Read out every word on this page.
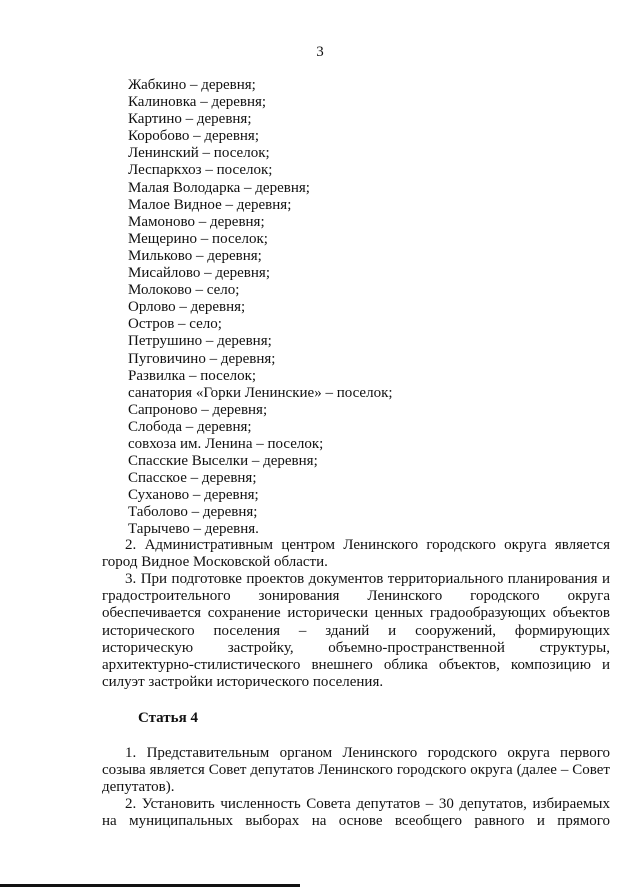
3
Жабкино – деревня;
Калиновка – деревня;
Картино – деревня;
Коробово – деревня;
Ленинский – поселок;
Леспаркхоз – поселок;
Малая Володарка – деревня;
Малое Видное – деревня;
Мамоново – деревня;
Мещерино – поселок;
Мильково – деревня;
Мисайлово – деревня;
Молоково – село;
Орлово – деревня;
Остров – село;
Петрушино – деревня;
Пуговичино – деревня;
Развилка – поселок;
санатория «Горки Ленинские» – поселок;
Сапроново – деревня;
Слобода – деревня;
совхоза им. Ленина – поселок;
Спасские Выселки – деревня;
Спасское – деревня;
Суханово – деревня;
Таболово – деревня;
Тарычево – деревня.

2. Административным центром Ленинского городского округа является город Видное Московской области.

3. При подготовке проектов документов территориального планирования и градостроительного зонирования Ленинского городского округа обеспечивается сохранение исторически ценных градообразующих объектов исторического поселения – зданий и сооружений, формирующих историческую застройку, объемно-пространственной структуры, архитектурно-стилистического внешнего облика объектов, композицию и силуэт застройки исторического поселения.

Статья 4

1. Представительным органом Ленинского городского округа первого созыва является Совет депутатов Ленинского городского округа (далее – Совет депутатов).

2. Установить численность Совета депутатов – 30 депутатов, избираемых на муниципальных выборах на основе всеобщего равного и прямого
